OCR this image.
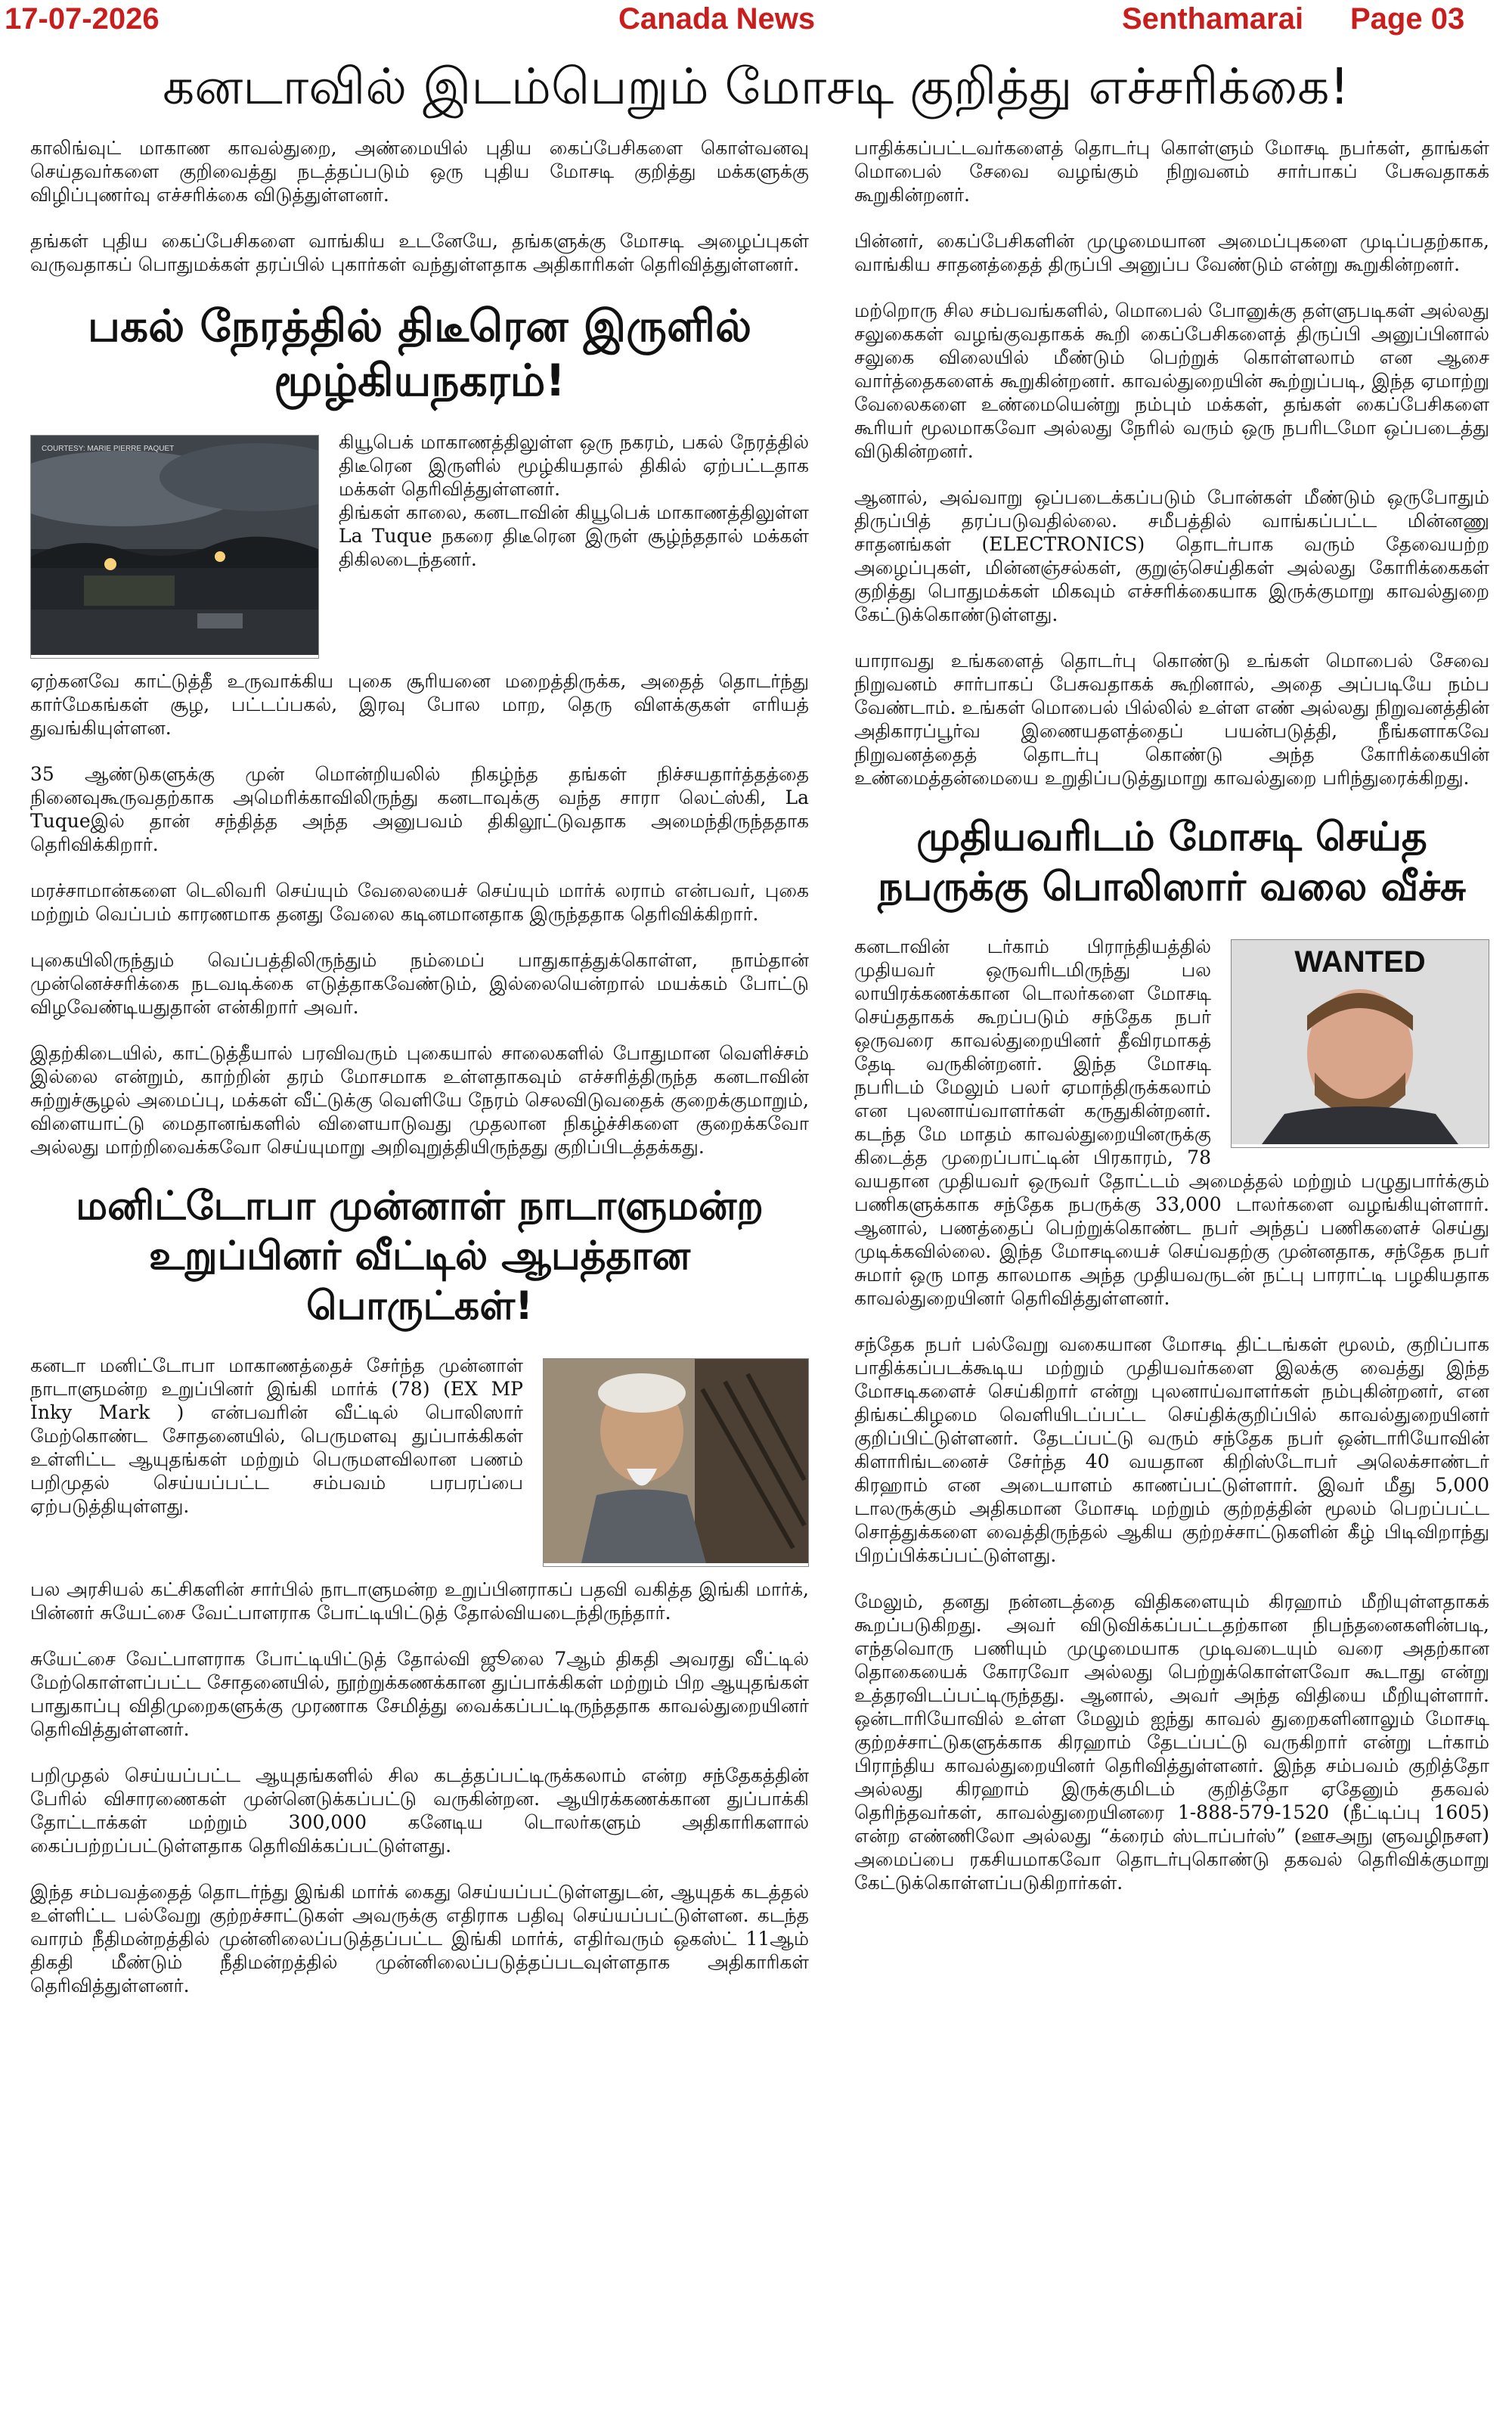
17-07-2026	Canada News	Senthamarai Page 03
கனடாவில் இடம்பெறும் மோசடி குறித்து எச்சரிக்கை!

காலிங்வுட் மாகாண காவல்துறை, அண்மையில் புதிய கைப்பேசிகளை கொள்வனவு செய்தவர்களை குறிவைத்து நடத்தப்படும் ஒரு புதிய மோசடி குறித்து மக்களுக்கு விழிப்புணர்வு எச்சரிக்கை விடுத்துள்ளனர்.

தங்கள் புதிய கைப்பேசிகளை வாங்கிய உடனேயே, தங்களுக்கு மோசடி அழைப்புகள் வருவதாகப் பொதுமக்கள் தரப்பில் புகார்கள் வந்துள்ளதாக அதிகாரிகள் தெரிவித்துள்ளனர்.

பகல் நேரத்தில் திடீரென இருளில் மூழ்கியநகரம்!
COURTESY: MARIE PIERRE PAQUET	கியூபெக் மாகாணத்திலுள்ள ஒரு நகரம், பகல் நேரத்தில் திடீரென இருளில் மூழ்கியதால் திகில் ஏற்பட்டதாக மக்கள் தெரிவித்துள்ளனர்.

திங்கள் காலை, கனடாவின் கியூபெக் மாகாணத்திலுள்ள La Tuque நகரை திடீரென இருள் சூழ்ந்ததால் மக்கள் திகிலடைந்தனர்.

ஏற்கனவே காட்டுத்தீ உருவாக்கிய புகை சூரியனை மறைத்திருக்க, அதைத் தொடர்ந்து கார்மேகங்கள் சூழ, பட்டப்பகல், இரவு போல மாற, தெரு விளக்குகள் எரியத் துவங்கியுள்ளன.

35 ஆண்டுகளுக்கு முன் மொன்றியலில் நிகழ்ந்த தங்கள் நிச்சயதார்த்தத்தை நினைவுகூருவதற்காக அமெரிக்காவிலிருந்து கனடாவுக்கு வந்த சாரா லெட்ஸ்கி, La Tuqueஇல் தான் சந்தித்த அந்த அனுபவம் திகிலூட்டுவதாக அமைந்திருந்ததாக தெரிவிக்கிறார்.

மரச்சாமான்களை டெலிவரி செய்யும் வேலையைச் செய்யும் மார்க் லராம் என்பவர், புகை மற்றும் வெப்பம் காரணமாக தனது வேலை கடினமானதாக இருந்ததாக தெரிவிக்கிறார்.

புகையிலிருந்தும் வெப்பத்திலிருந்தும் நம்மைப் பாதுகாத்துக்கொள்ள, நாம்தான் முன்னெச்சரிக்கை நடவடிக்கை எடுத்தாகவேண்டும், இல்லையென்றால் மயக்கம் போட்டு விழவேண்டியதுதான் என்கிறார் அவர்.

இதற்கிடையில், காட்டுத்தீயால் பரவிவரும் புகையால் சாலைகளில் போதுமான வெளிச்சம் இல்லை என்றும், காற்றின் தரம் மோசமாக உள்ளதாகவும் எச்சரித்திருந்த கனடாவின் சுற்றுச்சூழல் அமைப்பு, மக்கள் வீட்டுக்கு வெளியே நேரம் செலவிடுவதைக் குறைக்குமாறும், விளையாட்டு மைதானங்களில் விளையாடுவது முதலான நிகழ்ச்சிகளை குறைக்கவோ அல்லது மாற்றிவைக்கவோ செய்யுமாறு அறிவுறுத்தியிருந்தது குறிப்பிடத்தக்கது.

மனிட்டோபா முன்னாள் நாடாளுமன்ற உறுப்பினர் வீட்டில் ஆபத்தான பொருட்கள்!

கனடா மனிட்டோபா மாகாணத்தைச் சேர்ந்த முன்னாள் நாடாளுமன்ற உறுப்பினர் இங்கி மார்க் (78) (EX MP Inky Mark ) என்பவரின் வீட்டில் பொலிஸார் மேற்கொண்ட சோதனையில், பெருமளவு துப்பாக்கிகள் உள்ளிட்ட ஆயுதங்கள் மற்றும் பெருமளவிலான பணம் பறிமுதல் செய்யப்பட்ட சம்பவம் பரபரப்பை ஏற்படுத்தியுள்ளது.

பல அரசியல் கட்சிகளின் சார்பில் நாடாளுமன்ற உறுப்பினராகப் பதவி வகித்த இங்கி மார்க், பின்னர் சுயேட்சை வேட்பாளராக போட்டியிட்டுத் தோல்வியடைந்திருந்தார்.

சுயேட்சை வேட்பாளராக போட்டியிட்டுத் தோல்வி ஜூலை 7ஆம் திகதி அவரது வீட்டில் மேற்கொள்ளப்பட்ட சோதனையில், நூற்றுக்கணக்கான துப்பாக்கிகள் மற்றும் பிற ஆயுதங்கள் பாதுகாப்பு விதிமுறைகளுக்கு முரணாக சேமித்து வைக்கப்பட்டிருந்ததாக காவல்துறையினர் தெரிவித்துள்ளனர்.

பறிமுதல் செய்யப்பட்ட ஆயுதங்களில் சில கடத்தப்பட்டிருக்கலாம் என்ற சந்தேகத்தின் பேரில் விசாரணைகள் முன்னெடுக்கப்பட்டு வருகின்றன. ஆயிரக்கணக்கான துப்பாக்கி தோட்டாக்கள் மற்றும் 300,000 கனேடிய டொலர்களும் அதிகாரிகளால் கைப்பற்றப்பட்டுள்ளதாக தெரிவிக்கப்பட்டுள்ளது.

இந்த சம்பவத்தைத் தொடர்ந்து இங்கி மார்க் கைது செய்யப்பட்டுள்ளதுடன், ஆயுதக் கடத்தல் உள்ளிட்ட பல்வேறு குற்றச்சாட்டுகள் அவருக்கு எதிராக பதிவு செய்யப்பட்டுள்ளன. கடந்த வாரம் நீதிமன்றத்தில் முன்னிலைப்படுத்தப்பட்ட இங்கி மார்க், எதிர்வரும் ஒகஸ்ட் 11ஆம் திகதி மீண்டும் நீதிமன்றத்தில் முன்னிலைப்படுத்தப்படவுள்ளதாக அதிகாரிகள் தெரிவித்துள்ளனர்.

பாதிக்கப்பட்டவர்களைத் தொடர்பு கொள்ளும் மோசடி நபர்கள், தாங்கள் மொபைல் சேவை வழங்கும் நிறுவனம் சார்பாகப் பேசுவதாகக் கூறுகின்றனர்.

பின்னர், கைப்பேசிகளின் முழுமையான அமைப்புகளை முடிப்பதற்காக, வாங்கிய சாதனத்தைத் திருப்பி அனுப்ப வேண்டும் என்று கூறுகின்றனர்.

மற்றொரு சில சம்பவங்களில், மொபைல் போனுக்கு தள்ளுபடிகள் அல்லது சலுகைகள் வழங்குவதாகக் கூறி கைப்பேசிகளைத் திருப்பி அனுப்பினால் சலுகை விலையில் மீண்டும் பெற்றுக் கொள்ளலாம் என ஆசை வார்த்தைகளைக் கூறுகின்றனர். காவல்துறையின் கூற்றுப்படி, இந்த ஏமாற்று வேலைகளை உண்மையென்று நம்பும் மக்கள், தங்கள் கைப்பேசிகளை கூரியர் மூலமாகவோ அல்லது நேரில் வரும் ஒரு நபரிடமோ ஒப்படைத்து விடுகின்றனர்.

ஆனால், அவ்வாறு ஒப்படைக்கப்படும் போன்கள் மீண்டும் ஒருபோதும் திருப்பித் தரப்படுவதில்லை. சமீபத்தில் வாங்கப்பட்ட மின்னணு சாதனங்கள் (ELECTRONICS) தொடர்பாக வரும் தேவையற்ற அழைப்புகள், மின்னஞ்சல்கள், குறுஞ்செய்திகள் அல்லது கோரிக்கைகள் குறித்து பொதுமக்கள் மிகவும் எச்சரிக்கையாக இருக்குமாறு காவல்துறை கேட்டுக்கொண்டுள்ளது.

யாராவது உங்களைத் தொடர்பு கொண்டு உங்கள் மொபைல் சேவை நிறுவனம் சார்பாகப் பேசுவதாகக் கூறினால், அதை அப்படியே நம்ப வேண்டாம். உங்கள் மொபைல் பில்லில் உள்ள எண் அல்லது நிறுவனத்தின் அதிகாரப்பூர்வ இணையதளத்தைப் பயன்படுத்தி, நீங்களாகவே நிறுவனத்தைத் தொடர்பு கொண்டு அந்த கோரிக்கையின் உண்மைத்தன்மையை உறுதிப்படுத்துமாறு காவல்துறை பரிந்துரைக்கிறது.

முதியவரிடம் மோசடி செய்த நபருக்கு பொலிஸார் வலை வீச்சு
WANTED

கனடாவின் டர்காம் பிராந்தியத்தில் முதியவர் ஒருவரிடமிருந்து பல லாயிரக்கணக்கான டொலர்களை மோசடி செய்ததாகக் கூறப்படும் சந்தேக நபர் ஒருவரை காவல்துறையினர் தீவிரமாகத் தேடி வருகின்றனர். இந்த மோசடி நபரிடம் மேலும் பலர் ஏமாந்திருக்கலாம் என புலனாய்வாளர்கள் கருதுகின்றனர். கடந்த மே மாதம் காவல்துறையினருக்கு கிடைத்த முறைப்பாட்டின் பிரகாரம், 78 வயதான முதியவர் ஒருவர் தோட்டம் அமைத்தல் மற்றும் பழுதுபார்க்கும் பணிகளுக்காக சந்தேக நபருக்கு 33,000 டாலர்களை வழங்கியுள்ளார். ஆனால், பணத்தைப் பெற்றுக்கொண்ட நபர் அந்தப் பணிகளைச் செய்து முடிக்கவில்லை. இந்த மோசடியைச் செய்வதற்கு முன்னதாக, சந்தேக நபர் சுமார் ஒரு மாத காலமாக அந்த முதியவருடன் நட்பு பாராட்டி பழகியதாக காவல்துறையினர் தெரிவித்துள்ளனர்.

சந்தேக நபர் பல்வேறு வகையான மோசடி திட்டங்கள் மூலம், குறிப்பாக பாதிக்கப்படக்கூடிய மற்றும் முதியவர்களை இலக்கு வைத்து இந்த மோசடிகளைச் செய்கிறார் என்று புலனாய்வாளர்கள் நம்புகின்றனர், என திங்கட்கிழமை வெளியிடப்பட்ட செய்திக்குறிப்பில் காவல்துறையினர் குறிப்பிட்டுள்ளனர். தேடப்பட்டு வரும் சந்தேக நபர் ஒன்டாரியோவின் கிளாரிங்டனைச் சேர்ந்த 40 வயதான கிறிஸ்டோபர் அலெக்சாண்டர் கிரஹாம் என அடையாளம் காணப்பட்டுள்ளார். இவர் மீது 5,000 டாலருக்கும் அதிகமான மோசடி மற்றும் குற்றத்தின் மூலம் பெறப்பட்ட சொத்துக்களை வைத்திருந்தல் ஆகிய குற்றச்சாட்டுகளின் கீழ் பிடிவிறாந்து பிறப்பிக்கப்பட்டுள்ளது.

மேலும், தனது நன்னடத்தை விதிகளையும் கிரஹாம் மீறியுள்ளதாகக் கூறப்படுகிறது. அவர் விடுவிக்கப்பட்டதற்கான நிபந்தனைகளின்படி, எந்தவொரு பணியும் முழுமையாக முடிவடையும் வரை அதற்கான தொகையைக் கோரவோ அல்லது பெற்றுக்கொள்ளவோ கூடாது என்று உத்தரவிடப்பட்டிருந்தது. ஆனால், அவர் அந்த விதியை மீறியுள்ளார். ஒன்டாரியோவில் உள்ள மேலும் ஐந்து காவல் துறைகளினாலும் மோசடி குற்றச்சாட்டுகளுக்காக கிரஹாம் தேடப்பட்டு வருகிறார் என்று டர்காம் பிராந்திய காவல்துறையினர் தெரிவித்துள்ளனர். இந்த சம்பவம் குறித்தோ அல்லது கிரஹாம் இருக்குமிடம் குறித்தோ ஏதேனும் தகவல் தெரிந்தவர்கள், காவல்துறையினரை 1-888-579-1520 (நீட்டிப்பு 1605) என்ற எண்ணிலோ அல்லது “க்ரைம் ஸ்டாப்பர்ஸ்” (ஊசஅநு ளுவழிநசள) அமைப்பை ரகசியமாகவோ தொடர்புகொண்டு தகவல் தெரிவிக்குமாறு கேட்டுக்கொள்ளப்படுகிறார்கள்.
